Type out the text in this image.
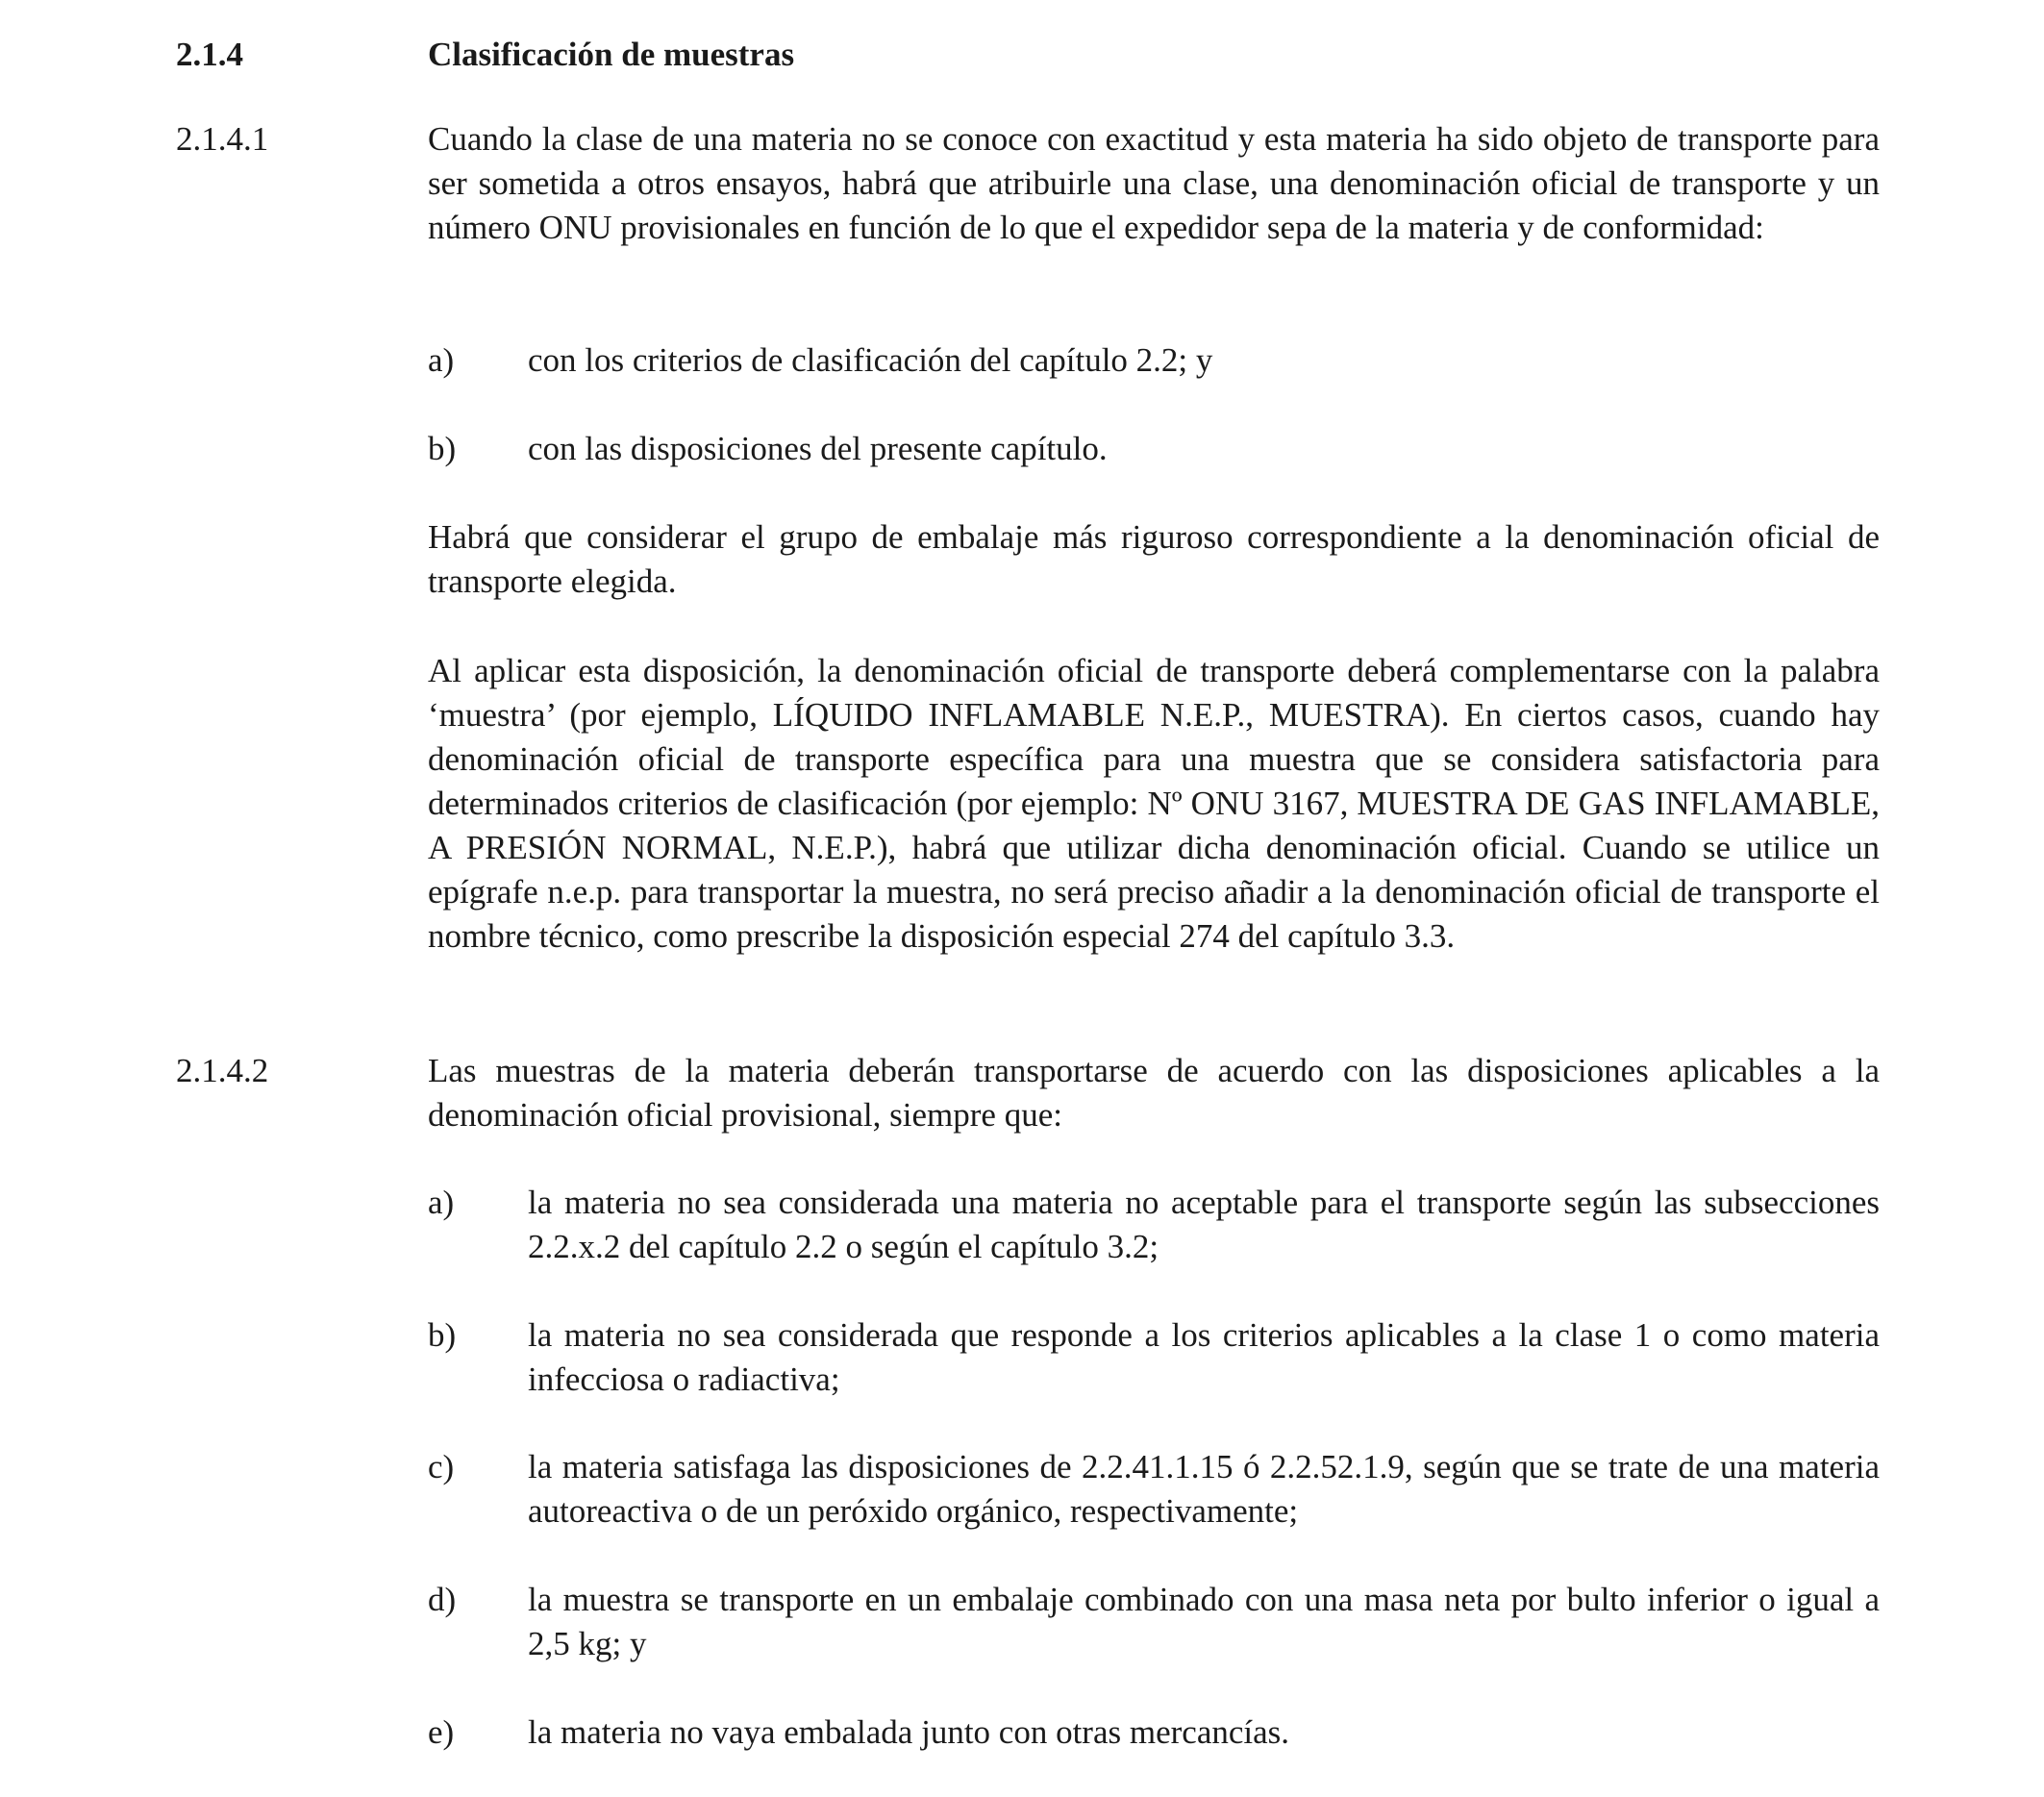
2.1.4	Clasificación de muestras
2.1.4.1	Cuando la clase de una materia no se conoce con exactitud y esta materia ha sido objeto de transporte para ser sometida a otros ensayos, habrá que atribuirle una clase, una denominación oficial de transporte y un número ONU provisionales en función de lo que el expedidor sepa de la materia y de conformidad:
a) con los criterios de clasificación del capítulo 2.2; y
b) con las disposiciones del presente capítulo.
Habrá que considerar el grupo de embalaje más riguroso correspondiente a la denominación oficial de transporte elegida.
Al aplicar esta disposición, la denominación oficial de transporte deberá complementarse con la palabra ‘muestra’ (por ejemplo, LÍQUIDO INFLAMABLE N.E.P., MUESTRA). En ciertos casos, cuando hay denominación oficial de transporte específica para una muestra que se considera satisfactoria para determinados criterios de clasificación (por ejemplo: Nº ONU 3167, MUESTRA DE GAS INFLAMABLE, A PRESIÓN NORMAL, N.E.P.), habrá que utilizar dicha denominación oficial. Cuando se utilice un epígrafe n.e.p. para transportar la muestra, no será preciso añadir a la denominación oficial de transporte el nombre técnico, como prescribe la disposición especial 274 del capítulo 3.3.
2.1.4.2	Las muestras de la materia deberán transportarse de acuerdo con las disposiciones aplicables a la denominación oficial provisional, siempre que:
a) la materia no sea considerada una materia no aceptable para el transporte según las subsecciones 2.2.x.2 del capítulo 2.2 o según el capítulo 3.2;
b) la materia no sea considerada que responde a los criterios aplicables a la clase 1 o como materia infecciosa o radiactiva;
c) la materia satisfaga las disposiciones de 2.2.41.1.15 ó 2.2.52.1.9, según que se trate de una materia autoreactiva o de un peróxido orgánico, respectivamente;
d) la muestra se transporte en un embalaje combinado con una masa neta por bulto inferior o igual a 2,5 kg; y
e) la materia no vaya embalada junto con otras mercancías.
